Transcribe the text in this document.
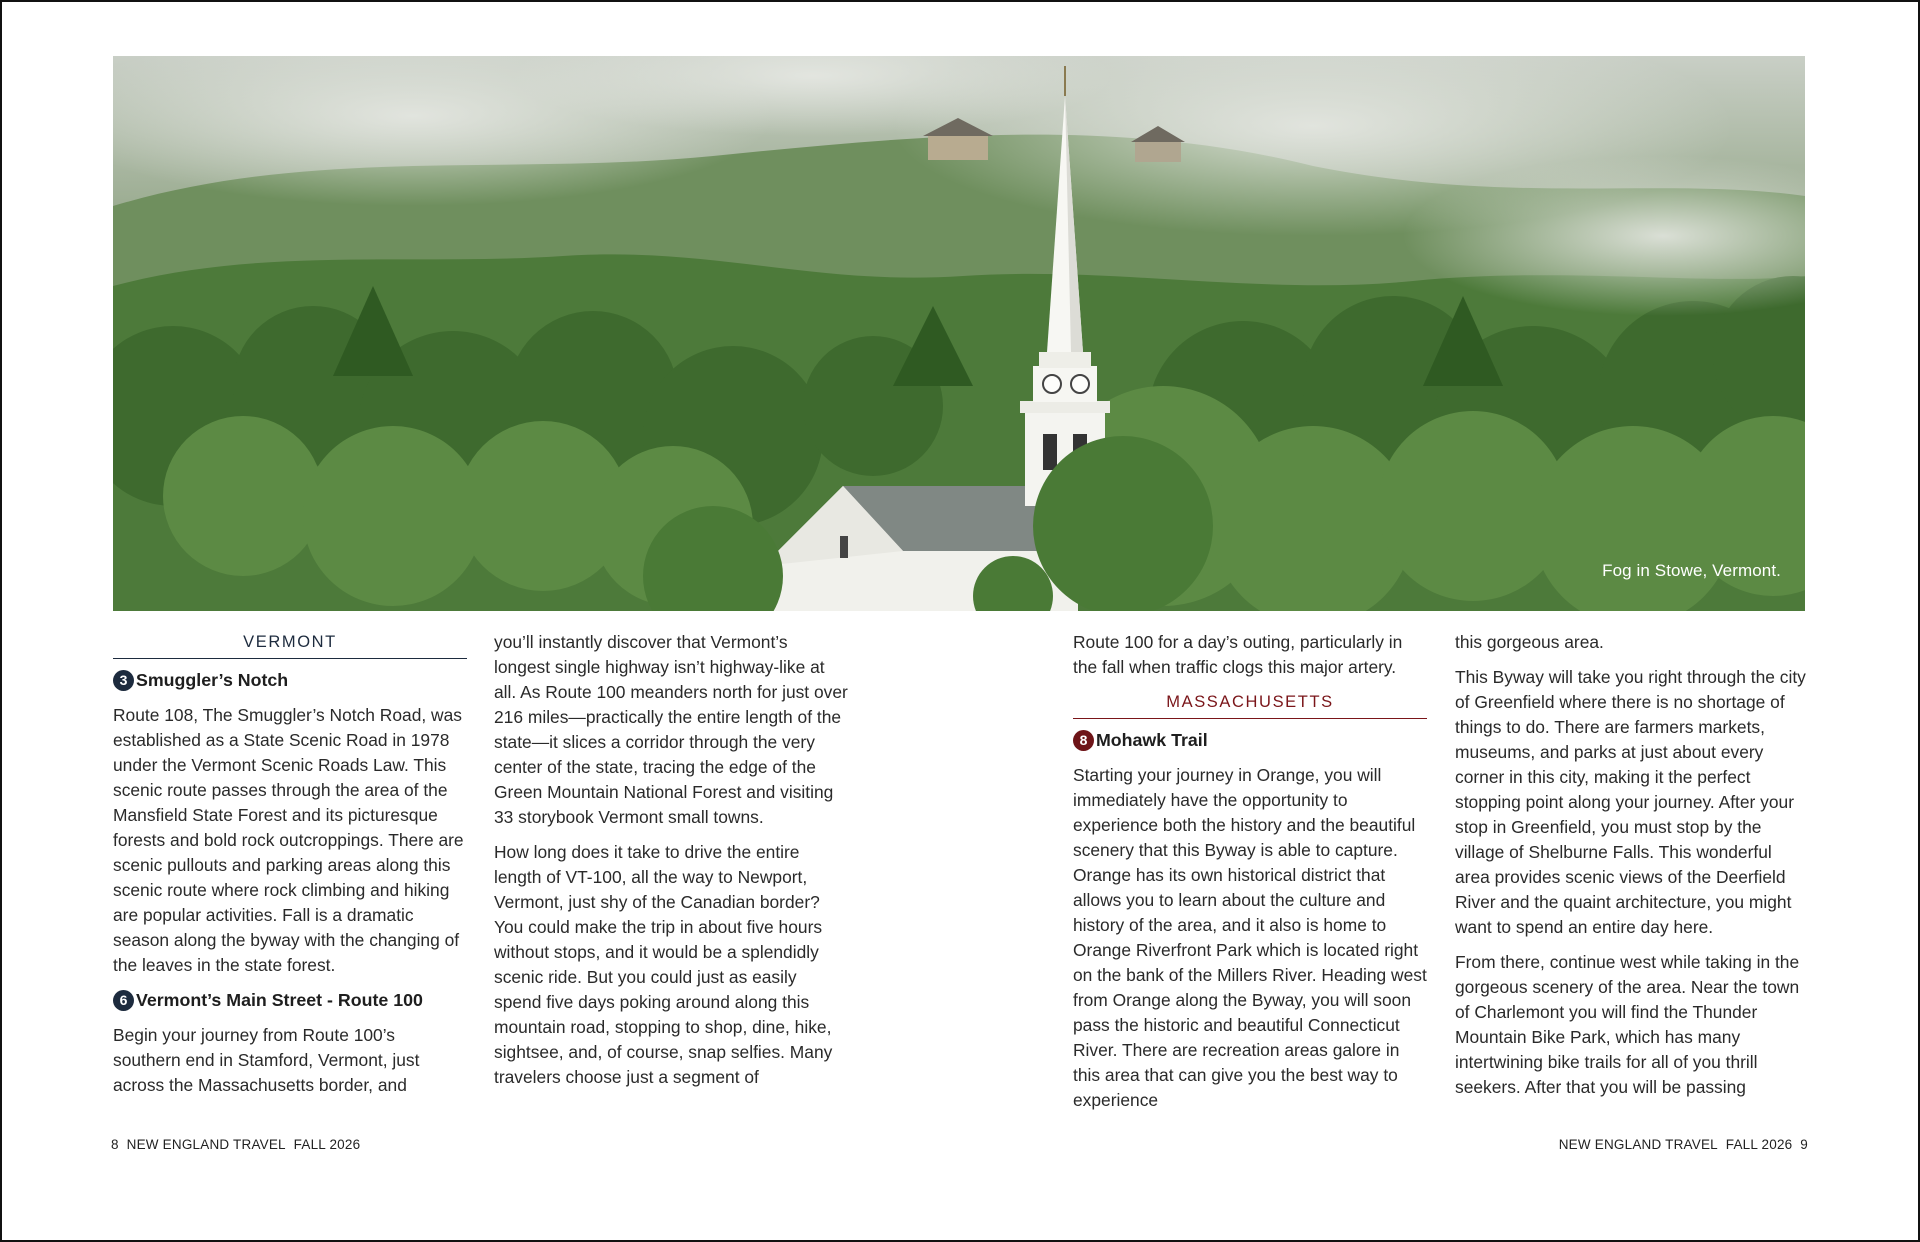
Fog in Stowe, Vermont.
VERMONT
3 Smuggler’s Notch

Route 108, The Smuggler’s Notch Road, was established as a State Scenic Road in 1978 under the Vermont Scenic Roads Law. This scenic route passes through the area of the Mansfield State Forest and its picturesque forests and bold rock outcroppings. There are scenic pullouts and parking areas along this scenic route where rock climbing and hiking are popular activities. Fall is a dramatic season along the byway with the changing of the leaves in the state forest.

6 Vermont’s Main Street - Route 100

Begin your journey from Route 100’s southern end in Stamford, Vermont, just across the Massachusetts border, and

you’ll instantly discover that Vermont’s longest single highway isn’t highway-like at all. As Route 100 meanders north for just over 216 miles—practically the entire length of the state—it slices a corridor through the very center of the state, tracing the edge of the Green Mountain National Forest and visiting 33 storybook Vermont small towns.

How long does it take to drive the entire length of VT-100, all the way to Newport, Vermont, just shy of the Canadian border? You could make the trip in about five hours without stops, and it would be a splendidly scenic ride. But you could just as easily spend five days poking around along this mountain road, stopping to shop, dine, hike, sightsee, and, of course, snap selfies. Many travelers choose just a segment of

Route 100 for a day’s outing, particularly in the fall when traffic clogs this major artery.

MASSACHUSETTS
8 Mohawk Trail

Starting your journey in Orange, you will immediately have the opportunity to experience both the history and the beautiful scenery that this Byway is able to capture. Orange has its own historical district that allows you to learn about the culture and history of the area, and it also is home to Orange Riverfront Park which is located right on the bank of the Millers River. Heading west from Orange along the Byway, you will soon pass the historic and beautiful Connecticut River. There are recreation areas galore in this area that can give you the best way to experience

this gorgeous area.

This Byway will take you right through the city of Greenfield where there is no shortage of things to do. There are farmers markets, museums, and parks at just about every corner in this city, making it the perfect stopping point along your journey. After your stop in Greenfield, you must stop by the village of Shelburne Falls. This wonderful area provides scenic views of the Deerfield River and the quaint architecture, you might want to spend an entire day here.

From there, continue west while taking in the gorgeous scenery of the area. Near the town of Charlemont you will find the Thunder Mountain Bike Park, which has many intertwining bike trails for all of you thrill seekers. After that you will be passing

8 NEW ENGLAND TRAVEL FALL 2026	NEW ENGLAND TRAVEL FALL 2026 9
